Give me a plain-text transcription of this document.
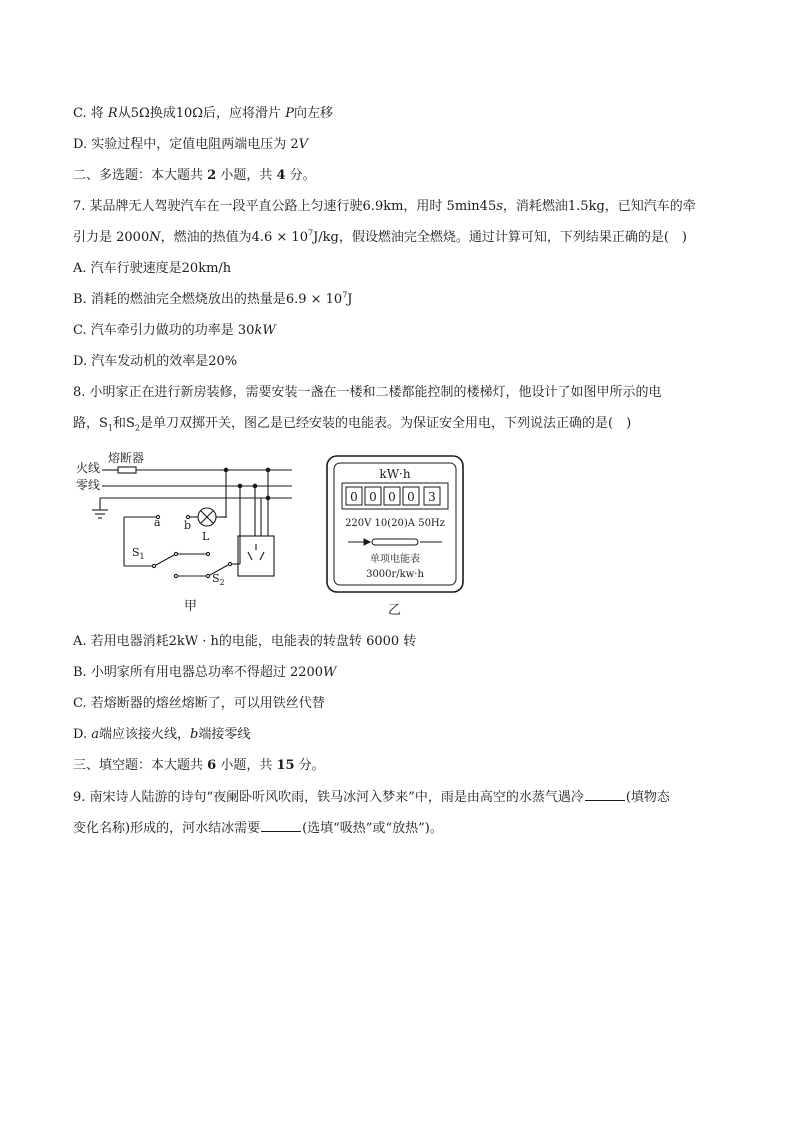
C. 将 R从5Ω换成10Ω后，应将滑片 P向左移
D. 实验过程中，定值电阻两端电压为 2V
二、多选题：本大题共 2 小题，共 4 分。
7. 某品牌无人驾驶汽车在一段平直公路上匀速行驶6.9km，用时 5min45s，消耗燃油1.5kg，已知汽车的牵
引力是 2000N，燃油的热值为$4.6 \times 10^7J/kg$，假设燃油完全燃烧。通过计算可知，下列结果正确的是(　)
A. 汽车行驶速度是20km/h
B. 消耗的燃油完全燃烧放出的热量是$6.9 \times 10^7J$
C. 汽车牵引力做功的功率是 30kW
D. 汽车发动机的效率是20%
8. 小明家正在进行新房装修，需要安装一盏在一楼和二楼都能控制的楼梯灯，他设计了如图甲所示的电
路，$S_1$和$S_2$是单刀双掷开关，图乙是已经安装的电能表。为保证安全用电，下列说法正确的是(　)
火线
零线
熔断器
a b
L
$S_1$
$S_2$
甲
kW·h
0 0 0 0 3
220V 10(20)A 50Hz
单项电能表
3000r/kw·h
乙
A. 若用电器消耗2kW · h的电能，电能表的转盘转 6000 转
B. 小明家所有用电器总功率不得超过 2200W
C. 若熔断器的熔丝熔断了，可以用铁丝代替
D. a端应该接火线，b端接零线
三、填空题：本大题共 6 小题，共 15 分。
9. 南宋诗人陆游的诗句“夜阑卧听风吹雨，铁马冰河入梦来”中，雨是由高空的水蒸气遇冷	(填物态
变化名称)形成的，河水结冰需要	(选填“吸热”或“放热”)。
